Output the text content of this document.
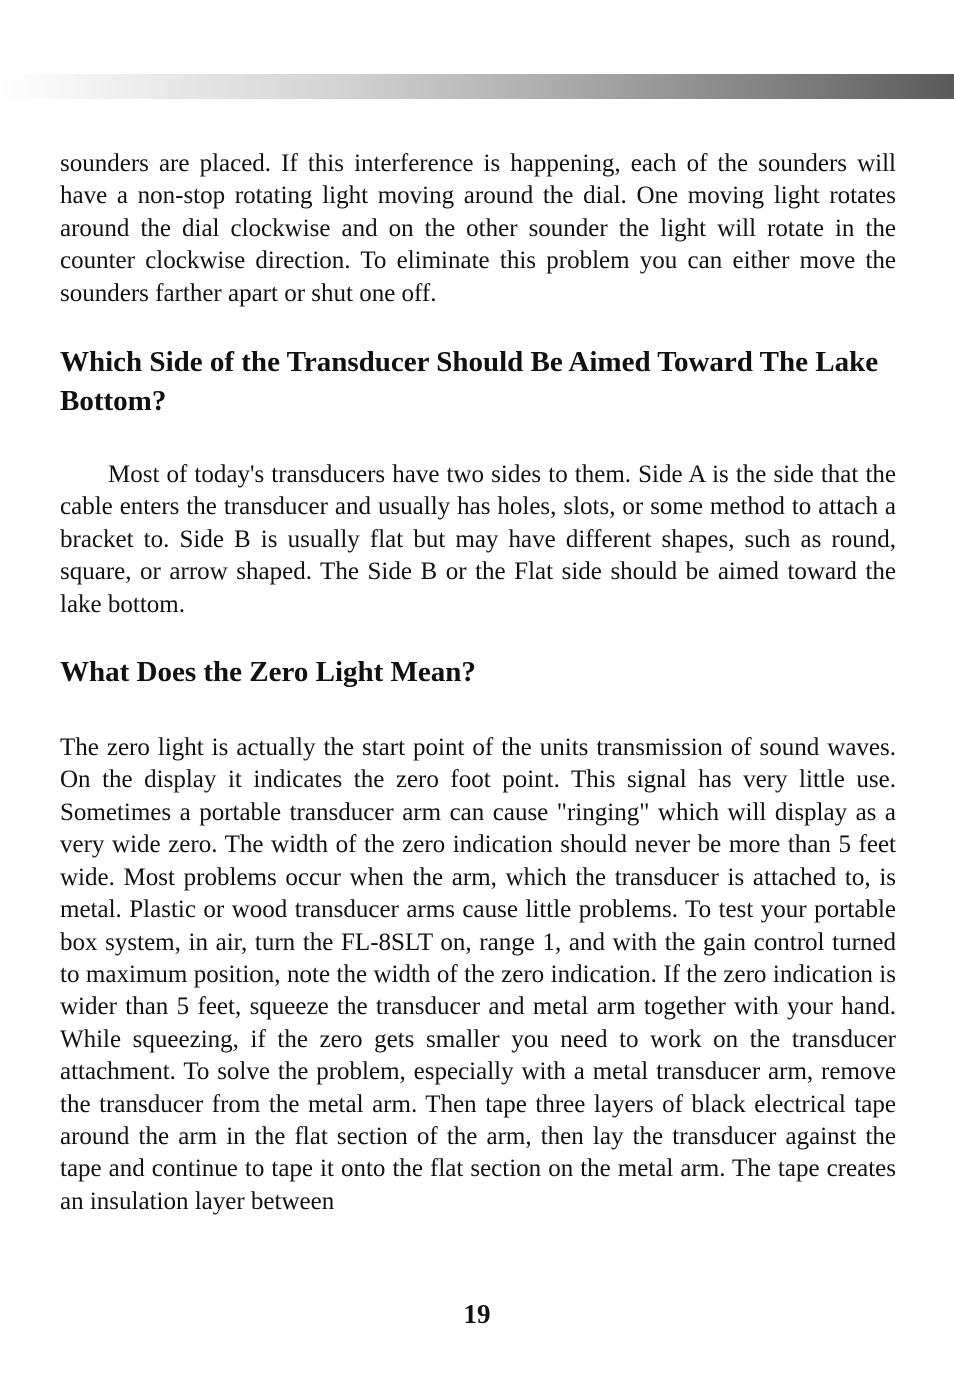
sounders are placed. If this interference is happening, each of the sounders will have a non-stop rotating light moving around the dial. One moving light rotates around the dial clockwise and on the other sounder the light will rotate in the counter clockwise direction. To eliminate this problem you can either move the sounders farther apart or shut one off.

Which Side of the Transducer Should Be Aimed Toward The Lake Bottom?

Most of today's transducers have two sides to them. Side A is the side that the cable enters the transducer and usually has holes, slots, or some method to attach a bracket to. Side B is usually flat but may have different shapes, such as round, square, or arrow shaped. The Side B or the Flat side should be aimed toward the lake bottom.

What Does the Zero Light Mean?

The zero light is actually the start point of the units transmission of sound waves. On the display it indicates the zero foot point. This signal has very little use. Sometimes a portable transducer arm can cause "ringing" which will display as a very wide zero. The width of the zero indication should never be more than 5 feet wide. Most problems occur when the arm, which the transducer is attached to, is metal. Plastic or wood transducer arms cause little problems. To test your portable box system, in air, turn the FL-8SLT on, range 1, and with the gain control turned to maximum position, note the width of the zero indication. If the zero indication is wider than 5 feet, squeeze the transducer and metal arm together with your hand. While squeezing, if the zero gets smaller you need to work on the transducer attachment. To solve the problem, especially with a metal transducer arm, remove the transducer from the metal arm. Then tape three layers of black electrical tape around the arm in the flat section of the arm, then lay the transducer against the tape and continue to tape it onto the flat section on the metal arm. The tape creates an insulation layer between

19
